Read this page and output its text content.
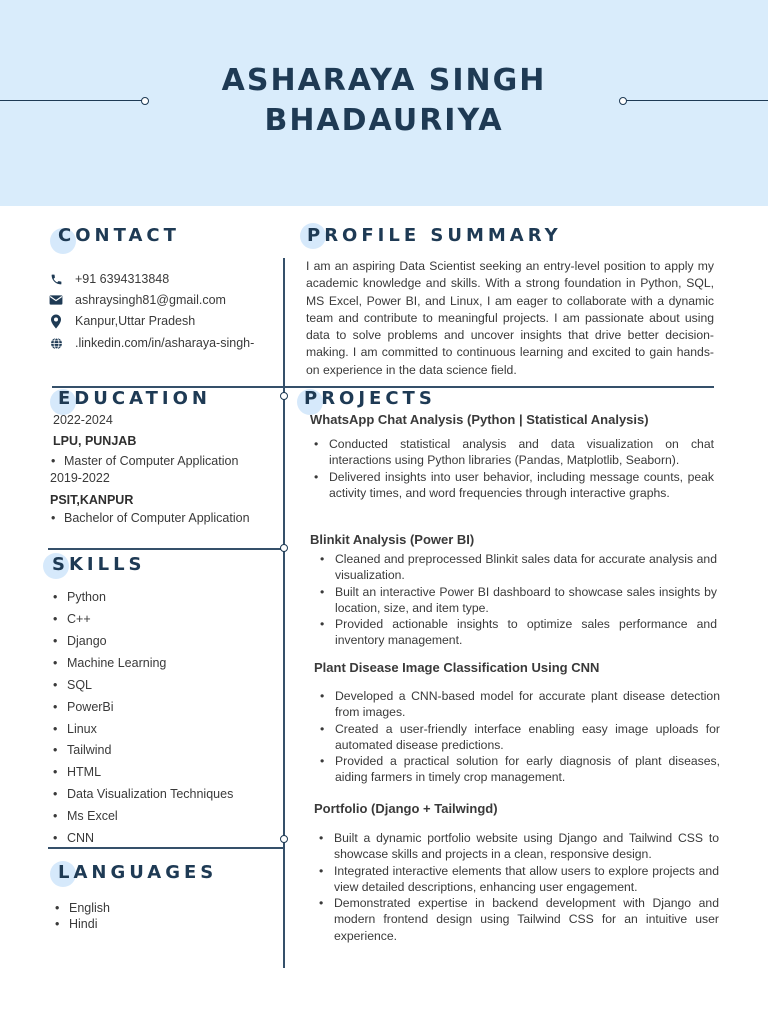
ASHARAYA SINGH
BHADAURIYA
CONTACT
+91 6394313848
ashraysingh81@gmail.com
Kanpur,Uttar Pradesh
.linkedin.com/in/asharaya-singh-
PROFILE SUMMARY
I am an aspiring Data Scientist seeking an entry-level position to apply my academic knowledge and skills. With a strong foundation in Python, SQL, MS Excel, Power BI, and Linux, I am eager to collaborate with a dynamic team and contribute to meaningful projects. I am passionate about using data to solve problems and uncover insights that drive better decision-making. I am committed to continuous learning and excited to gain hands-on experience in the data science field.
EDUCATION
2022-2024
LPU, PUNJAB
• Master of Computer Application
2019-2022
PSIT,KANPUR
• Bachelor of Computer Application
SKILLS
• Python
• C++
• Django
• Machine Learning
• SQL
• PowerBi
• Linux
• Tailwind
• HTML
• Data Visualization Techniques
• Ms Excel
• CNN
LANGUAGES
• English
• Hindi
PROJECTS
WhatsApp Chat Analysis (Python | Statistical Analysis)
• Conducted statistical analysis and data visualization on chat interactions using Python libraries (Pandas, Matplotlib, Seaborn).
• Delivered insights into user behavior, including message counts, peak activity times, and word frequencies through interactive graphs.
Blinkit Analysis (Power BI)
• Cleaned and preprocessed Blinkit sales data for accurate analysis and visualization.
• Built an interactive Power BI dashboard to showcase sales insights by location, size, and item type.
• Provided actionable insights to optimize sales performance and inventory management.
Plant Disease Image Classification Using CNN
• Developed a CNN-based model for accurate plant disease detection from images.
• Created a user-friendly interface enabling easy image uploads for automated disease predictions.
• Provided a practical solution for early diagnosis of plant diseases, aiding farmers in timely crop management.
Portfolio (Django + Tailwingd)
• Built a dynamic portfolio website using Django and Tailwind CSS to showcase skills and projects in a clean, responsive design.
• Integrated interactive elements that allow users to explore projects and view detailed descriptions, enhancing user engagement.
• Demonstrated expertise in backend development with Django and modern frontend design using Tailwind CSS for an intuitive user experience.
